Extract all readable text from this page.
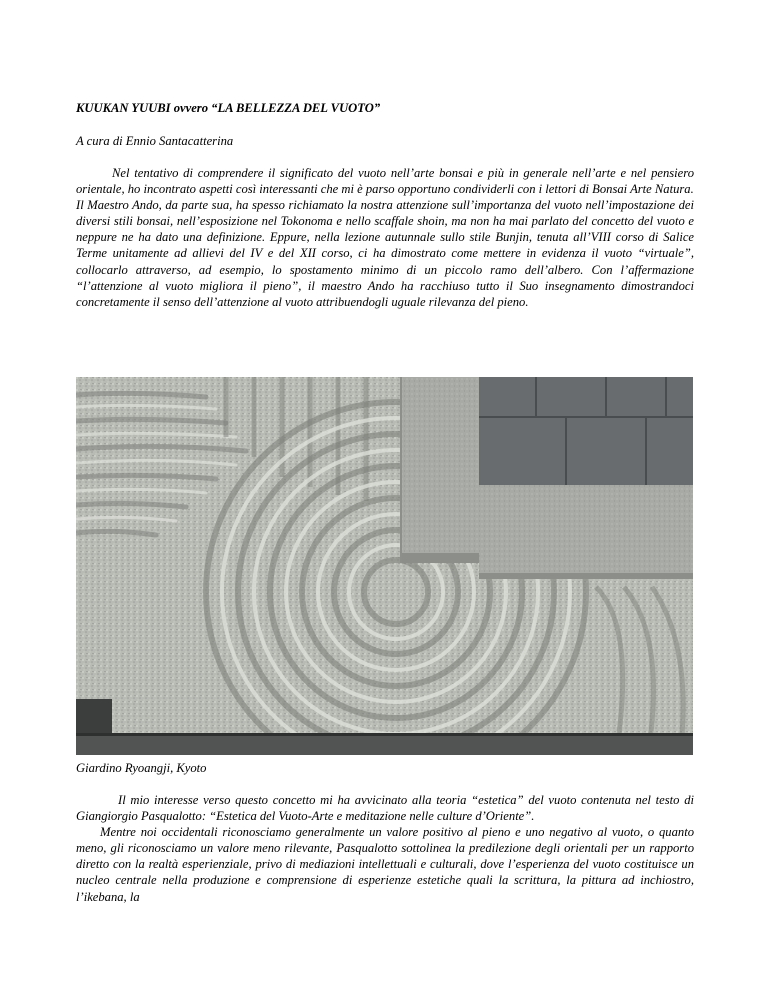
KUUKAN YUUBI ovvero “LA BELLEZZA DEL VUOTO”
A cura di Ennio Santacatterina

Nel tentativo di comprendere il significato del vuoto nell’arte bonsai e più in generale nell’arte e nel pensiero orientale, ho incontrato aspetti così interessanti che mi è parso opportuno condividerli con i lettori di Bonsai Arte Natura.

Il Maestro Ando, da parte sua, ha spesso richiamato la nostra attenzione sull’importanza del vuoto nell’impostazione dei diversi stili bonsai, nell’esposizione nel Tokonoma e nello scaffale shoin, ma non ha mai parlato del concetto del vuoto e neppure ne ha dato una definizione. Eppure, nella lezione autunnale sullo stile Bunjin, tenuta all’VIII corso di Salice Terme unitamente ad allievi del IV e del XII corso, ci ha dimostrato come mettere in evidenza il vuoto “virtuale”, collocarlo attraverso, ad esempio, lo spostamento minimo di un piccolo ramo dell’albero. Con l’affermazione “l’attenzione al vuoto migliora il pieno”, il maestro Ando ha racchiuso tutto il Suo insegnamento dimostrandoci concretamente il senso dell’attenzione al vuoto attribuendogli uguale rilevanza del pieno.

Giardino Ryoangji, Kyoto

Il mio interesse verso questo concetto mi ha avvicinato alla teoria “estetica” del vuoto contenuta nel testo di Giangiorgio Pasqualotto: “Estetica del Vuoto-Arte e meditazione nelle culture d’Oriente”.

Mentre noi occidentali riconosciamo generalmente un valore positivo al pieno e uno negativo al vuoto, o quanto meno, gli riconosciamo un valore meno rilevante, Pasqualotto sottolinea la predilezione degli orientali per un rapporto diretto con la realtà esperienziale, privo di mediazioni intellettuali e culturali, dove l’esperienza del vuoto costituisce un nucleo centrale nella produzione e comprensione di esperienze estetiche quali la scrittura, la pittura ad inchiostro, l’ikebana, la
